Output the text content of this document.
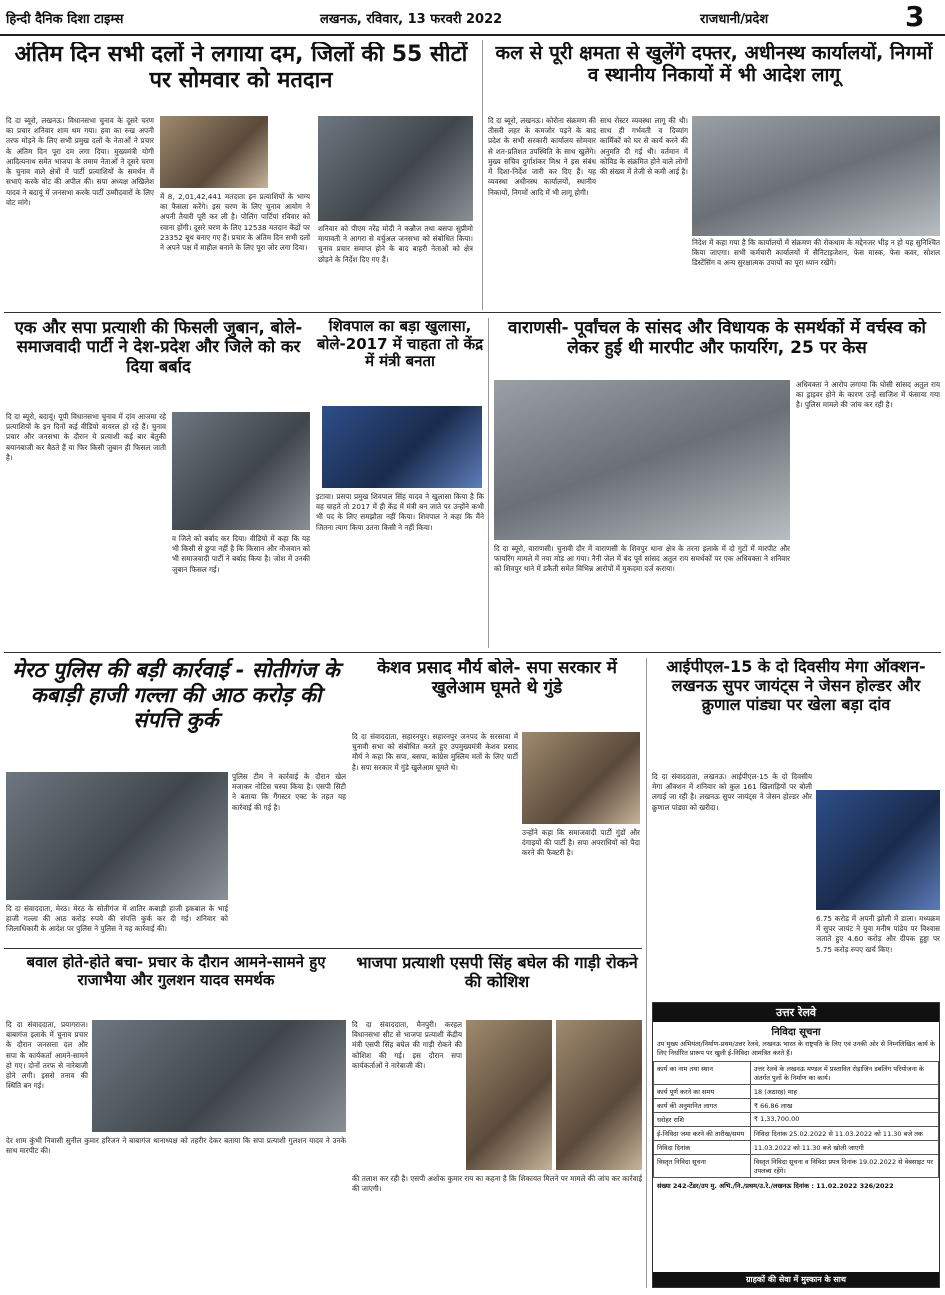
हिन्दी दैनिक दिशा टाइम्स	लखनऊ, रविवार, 13 फरवरी 2022	राजधानी/प्रदेश	3
अंतिम दिन सभी दलों ने लगाया दम, जिलों की 55 सीटों पर सोमवार को मतदान
दि दा ब्यूरो, लखनऊ। विधानसभा चुनाव के दूसरे चरण का प्रचार शनिवार शाम थम गया। हवा का रुख अपनी तरफ मोड़ने के लिए सभी प्रमुख दलों के नेताओं ने प्रचार के अंतिम दिन पूरा दम लगा दिया। मुख्यमंत्री योगी आदित्यनाथ समेत भाजपा के तमाम नेताओं ने दूसरे चरण के चुनाव वाले क्षेत्रों में पार्टी प्रत्याशियों के समर्थन में सभाएं करके वोट की अपील की। सपा अध्यक्ष अखिलेश यादव ने बदायूं में जनसभा करके पार्टी उम्मीदवारों के लिए वोट मांगे।
में 8, 2,01,42,441 मतदाता इन प्रत्याशियों के भाग्य का फैसला करेंगे। इस चरण के लिए चुनाव आयोग ने अपनी तैयारी पूरी कर ली है। पोलिंग पार्टियां रविवार को रवाना होंगी। दूसरे चरण के लिए 12538 मतदान केंद्रों पर 23352 बूथ बनाए गए हैं। प्रचार के अंतिम दिन सभी दलों ने अपने पक्ष में माहौल बनाने के लिए पूरा जोर लगा दिया।
शनिवार को पीएम नरेंद्र मोदी ने कन्नौज तथा बसपा सुप्रीमो मायावती ने आगरा से वर्चुअल जनसभा को संबोधित किया। चुनाव प्रचार समाप्त होने के बाद बाहरी नेताओं को क्षेत्र छोड़ने के निर्देश दिए गए हैं।
कल से पूरी क्षमता से खुलेंगे दफ्तर, अधीनस्थ कार्यालयों, निगमों व स्थानीय निकायों में भी आदेश लागू
दि दा ब्यूरो, लखनऊ। कोरोना संक्रमण की तीसरी लहर के कमजोर पड़ने के बाद प्रदेश के सभी सरकारी कार्यालय सोमवार से शत-प्रतिशत उपस्थिति के साथ खुलेंगे। मुख्य सचिव दुर्गाशंकर मिश्र ने इस संबंध में दिशा-निर्देश जारी कर दिए हैं। यह व्यवस्था अधीनस्थ कार्यालयों, स्थानीय निकायों, निगमों आदि में भी लागू होगी।
साथ रोस्टर व्यवस्था लागू की थी। साथ ही गर्भवती व दिव्यांग कार्मिकों को घर से कार्य करने की अनुमति दी गई थी। वर्तमान में कोविड के संक्रमित होने वाले लोगों की संख्या में तेजी से कमी आई है।
निदेश में कहा गया है कि कार्यालयों में संक्रमण की रोकथाम के मद्देनजर भीड़ न हो यह सुनिश्चित किया जाएगा। सभी कर्मचारी कार्यालयों में सैनिटाइजेशन, फेस मास्क, फेस कवर, सोशल डिस्टेंसिंग व अन्य सुरक्षात्मक उपायों का पूरा ध्यान रखेंगे।
एक और सपा प्रत्याशी की फिसली जुबान, बोले-समाजवादी पार्टी ने देश-प्रदेश और जिले को कर दिया बर्बाद
दि दा ब्यूरो, बदायूं। यूपी विधानसभा चुनाव में दांव आजमा रहे प्रत्याशियों के इन दिनों कई वीडियो वायरल हो रहे हैं। चुनाव प्रचार और जनसभा के दौरान ये प्रत्याशी कई बार बेतुकी बयानबाजी कर बैठते हैं या फिर किसी जुबान ही फिसल जाती है।
व जिले को बर्बाद कर दिया। वीडियो में कहा कि यह भी किसी से छुपा नहीं है कि किसान और नौजवान को भी समाजवादी पार्टी ने बर्बाद किया है। जोश में उनकी जुबान फिसल गई।
शिवपाल का बड़ा खुलासा, बोले-2017 में चाहता तो केंद्र में मंत्री बनता
इटावा। प्रसपा प्रमुख शिवपाल सिंह यादव ने खुलासा किया है कि वह चाहते तो 2017 में ही केंद्र में मंत्री बन जाते पर उन्होंने कभी भी पद के लिए समझौता नहीं किया। शिवपाल ने कहा कि मैंने जितना त्याग किया उतना किसी ने नहीं किया।
वाराणसी- पूर्वांचल के सांसद और विधायक के समर्थकों में वर्चस्व को लेकर हुई थी मारपीट और फायरिंग, 25 पर केस
दि दा ब्यूरो, वाराणसी। चुनावी दौर में वाराणसी के शिवपुर थाना क्षेत्र के तरना इलाके में दो गुटों में मारपीट और फायरिंग मामले में नया मोड़ आ गया। नैनी जेल में बंद पूर्व सांसद अतुल राय समर्थकों पर एक अधिवक्ता ने शनिवार को शिवपुर थाने में डकैती समेत विभिन्न आरोपों में मुकदमा दर्ज कराया।
अधिवक्ता ने आरोप लगाया कि घोसी सांसद अतुल राय का ड्राइवर होने के कारण उन्हें साजिश में फंसाया गया है। पुलिस मामले की जांच कर रही है।
मेरठ पुलिस की बड़ी कार्रवाई - सोतीगंज के कबाड़ी हाजी गल्ला की आठ करोड़ की संपत्ति कुर्क
दि दा संवाददाता, मेरठ। मेरठ के सोतीगंज में शातिर कबाड़ी हाजी इकबाल के भाई हाजी गल्ला की आठ करोड़ रुपये की संपत्ति कुर्क कर दी गई। शनिवार को जिलाधिकारी के आदेश पर पुलिस ने पुलिस ने यह कार्रवाई की।
पुलिस टीम ने कार्रवाई के दौरान खेल मजाकर नोटिस चस्पा किया है। एसपी सिटी ने बताया कि गैंगस्टर एक्ट के तहत यह कार्रवाई की गई है।
केशव प्रसाद मौर्य बोले- सपा सरकार में खुलेआम घूमते थे गुंडे
दि दा संवाददाता, सहारनपुर। सहारनपुर जनपद के सरसावा में चुनावी सभा को संबोधित करते हुए उपमुख्यमंत्री केशव प्रसाद मौर्य ने कहा कि सपा, बसपा, कांग्रेस मुस्लिम मतों के लिए पार्टी है। सपा सरकार में गुंडे खुलेआम घूमते थे।
उन्होंने कहा कि समाजवादी पार्टी गुंडों और दंगाइयों की पार्टी है। सपा अपराधियों को पैदा करने की फैक्टरी है।
आईपीएल-15 के दो दिवसीय मेगा ऑक्शन- लखनऊ सुपर जायंट्स ने जेसन होल्डर और क्रुणाल पांड्या पर खेला बड़ा दांव
दि दा संवाददाता, लखनऊ। आईपीएल-15 के दो दिवसीय मेगा ऑक्शन में शनिवार को कुल 161 खिलाड़ियों पर बोली लगाई जा रही है। लखनऊ सुपर जायंट्स ने जेसन होल्डर और क्रुणाल पांड्या को खरीदा।
6.75 करोड़ में अपनी झोली में डाला। मध्यक्रम में सुपर जायंट ने युवा मनीष पांडेय पर विश्वास जताते हुए 4.60 करोड़ और दीपक हुड्डा पर 5.75 करोड़ रुपए खर्च किए।
बवाल होते-होते बचा- प्रचार के दौरान आमने-सामने हुए राजाभैया और गुलशन यादव समर्थक
दि दा संवाददाता, प्रयागराज। बाबागंज इलाके में चुनाव प्रचार के दौरान जनसत्ता दल और सपा के कार्यकर्ता आमने-सामने हो गए। दोनों तरफ से नारेबाजी होने लगी। इससे तनाव की स्थिति बन गई।
देर शाम कुंभी निवासी सुनील कुमार हरिजन ने बाबागंज थानाध्यक्ष को तहरीर देकर बताया कि सपा प्रत्याशी गुलशन यादव ने उनके साथ मारपीट की।
भाजपा प्रत्याशी एसपी सिंह बघेल की गाड़ी रोकने की कोशिश
दि दा संवाददाता, मैनपुरी। करहल विधानसभा सीट से भाजपा प्रत्याशी केंद्रीय मंत्री एसपी सिंह बघेल की गाड़ी रोकने की कोशिश की गई। इस दौरान सपा कार्यकर्ताओं ने नारेबाजी की।
की तलाश कर रही है। एसपी अशोक कुमार राय का कहना है कि शिकायत मिलने पर मामले की जांच कर कार्रवाई की जाएगी।
उत्तर रेलवे
निविदा सूचना
उप मुख्य अभियंता/निर्माण-प्रथम/उत्तर रेलवे, लखनऊ भारत के राष्ट्रपति के लिए एवं उनकी ओर से निम्नलिखित कार्य के लिए निर्धारित प्रारूप पर खुली ई-निविदा आमंत्रित करते हैं।
कार्य का नाम तथा स्थान	उत्तर रेलवे के लखनऊ मण्डल में प्रस्तावित रोड़ाजिन डबलिंग परियोजना के अंतर्गत पुलों के निर्माण का कार्य।
कार्य पूर्ण करने का समय	18 (अठारह) माह
कार्य की अनुमानित लागत	₹ 66.86 लाख
धरोहर राशि	₹ 1,33,700.00
ई-निविदा जमा करने की तारीख/समय	निविदा दिनांक 25.02.2022 से 11.03.2022 को 11.30 बजे तक
निविदा दिनांक	11.03.2022 को 11.30 बजे खोली जाएगी
विस्तृत निविदा सूचना	विस्तृत निविदा सूचना व निविदा प्रपत्र दिनांक 19.02.2022 से वेबसाइट पर उपलब्ध रहेंगे।
संख्या 242-टेंडर/उप मु. अभि./नि./प्रथम/उ.रे./लखनऊ दिनांक : 11.02.2022 326/2022
ग्राहकों की सेवा में मुस्कान के साथ
